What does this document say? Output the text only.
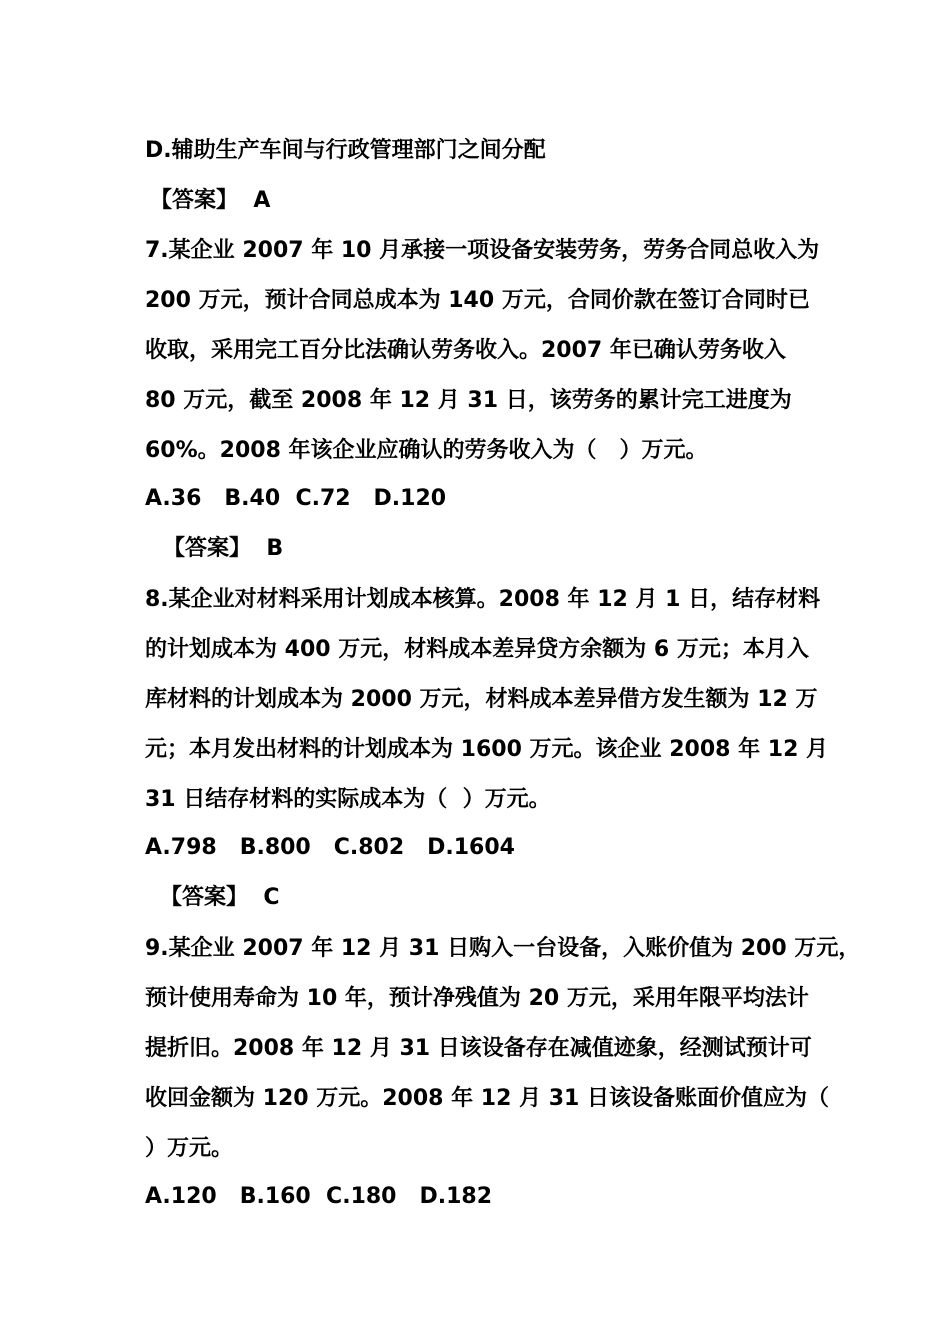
D.辅助生产车间与行政管理部门之间分配
【答案】  A
7.某企业 2007 年 10 月承接一项设备安装劳务，劳务合同总收入为
200 万元，预计合同总成本为 140 万元，合同价款在签订合同时已
收取，采用完工百分比法确认劳务收入。2007 年已确认劳务收入
80 万元，截至 2008 年 12 月 31 日，该劳务的累计完工进度为
60%。2008 年该企业应确认的劳务收入为（   ）万元。
A.36   B.40  C.72   D.120
【答案】  B
8.某企业对材料采用计划成本核算。2008 年 12 月 1 日，结存材料
的计划成本为 400 万元，材料成本差异贷方余额为 6 万元；本月入
库材料的计划成本为 2000 万元，材料成本差异借方发生额为 12 万
元；本月发出材料的计划成本为 1600 万元。该企业 2008 年 12 月
31 日结存材料的实际成本为（  ）万元。
A.798   B.800   C.802   D.1604
【答案】  C
9.某企业 2007 年 12 月 31 日购入一台设备，入账价值为 200 万元，
预计使用寿命为 10 年，预计净残值为 20 万元，采用年限平均法计
提折旧。2008 年 12 月 31 日该设备存在减值迹象，经测试预计可
收回金额为 120 万元。2008 年 12 月 31 日该设备账面价值应为（
）万元。
A.120   B.160  C.180   D.182
